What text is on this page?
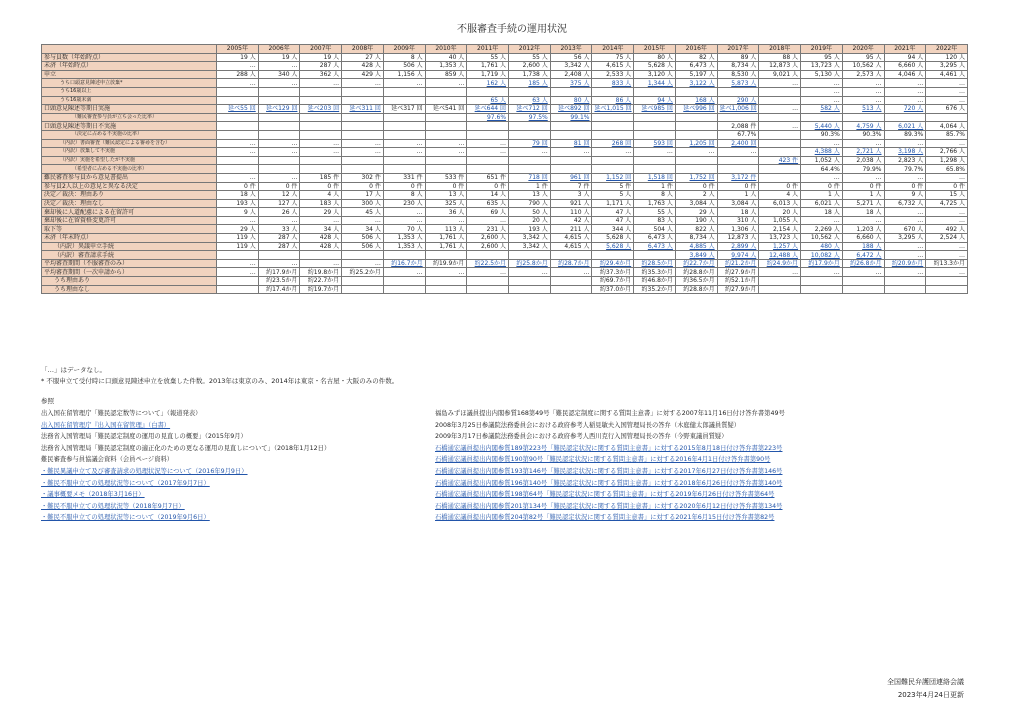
不服審査手続の運用状況
	2005年	2006年	2007年	2008年	2009年	2010年	2011年	2012年	2013年	2014年	2015年	2016年	2017年	2018年	2019年	2020年	2021年	2022年
参与員数（年始時点）	19 人	19 人	19 人	27 人	8 人	40 人	55 人	55 人	56 人	75 人	80 人	82 人	89 人	88 人	95 人	95 人	94 人	120 人
未済（年始時点）	…	…	287 人	428 人	506 人	1,353 人	1,761 人	2,600 人	3,342 人	4,615 人	5,628 人	6,473 人	8,734 人	12,873 人	13,723 人	10,562 人	6,660 人	3,295 人
申立	288 人	340 人	362 人	429 人	1,156 人	859 人	1,719 人	1,738 人	2,408 人	2,533 人	3,120 人	5,197 人	8,530 人	9,021 人	5,130 人	2,573 人	4,046 人	4,461 人
うち口頭意見陳述申立放棄*	…	…	…	…	…	…	162 人	185 人	375 人	833 人	1,344 人	3,122 人	5,873 人	…	…	…	…	…
うち16歳以上															…	…	…	…
うち16歳未満							65 人	63 人	80 人	86 人	94 人	168 人	290 人		…	…	…	…
口頭意見陳述等期日実施	延べ55 回	延べ129 回	延べ203 回	延べ311 回	延べ317 回	延べ541 回	延べ644 回	延べ712 回	延べ892 回	延べ1,015 回	延べ985 回	延べ996 回	延べ1,006 回	…	582 人	513 人	720 人	676 人
（難民審査参与員が立ち会った比率）							97.6%	97.5%	99.1%									
口頭意見陳述等期日不実施													2,088 件	…	5,440 人	4,759 人	6,021 人	4,064 人
（決定に占める不実施の比率）													67.7%		90.3%	90.3%	89.3%	85.7%
（内訳）書面審査（難民認定による審尋を含む）	…	…	…	…	…	…	…	79 回	81 回	268 回	593 回	1,205 回	2,400 回		…	…	…	…
（内訳）放棄して不実施	…	…	…	…	…	…	…	…	…	…	…	…	…		4,388 人	2,721 人	3,198 人	2,766 人
（内訳）実施を希望したが不実施														423 件	1,052 人	2,038 人	2,823 人	1,298 人
（希望者に占める不実施の比率）															64.4%	79.9%	79.7%	65.8%
難民審査参与員から意見書提出	…	…	185 件	302 件	331 件	533 件	651 件	718 回	961 回	1,152 回	1,518 回	1,752 回	3,172 件		…	…	…	…
参与員2人以上の意見と異なる決定	0 件	0 件	0 件	0 件	0 件	0 件	0 件	1 件	7 件	5 件	1 件	0 件	0 件	0 件	0 件	0 件	0 件	0 件
決定／裁決：理由あり	18 人	12 人	4 人	17 人	8 人	13 人	14 人	13 人	3 人	5 人	8 人	2 人	1 人	4 人	1 人	1 人	9 人	15 人
決定／裁決：理由なし	193 人	127 人	183 人	300 人	230 人	325 人	635 人	790 人	921 人	1,171 人	1,763 人	3,084 人	3,084 人	6,013 人	6,021 人	5,271 人	6,732 人	4,725 人
棄却後に人道配慮による在留許可	9 人	26 人	29 人	45 人	…	36 人	69 人	50 人	110 人	47 人	55 人	29 人	18 人	20 人	18 人	18 人	…	…
棄却後に在留資格変更許可	…	…	…	…	…	…	…	20 人	42 人	47 人	83 人	190 人	310 人	1,055 人	…	…	…	…
取下等	29 人	33 人	34 人	34 人	70 人	113 人	231 人	193 人	211 人	344 人	504 人	822 人	1,306 人	2,154 人	2,269 人	1,203 人	670 人	492 人
未済（年末時点）	119 人	287 人	428 人	506 人	1,353 人	1,761 人	2,600 人	3,342 人	4,615 人	5,628 人	6,473 人	8,734 人	12,873 人	13,723 人	10,562 人	6,660 人	3,295 人	2,524 人
（内訳）異議申立手続	119 人	287 人	428 人	506 人	1,353 人	1,761 人	2,600 人	3,342 人	4,615 人	5,628 人	6,473 人	4,885 人	2,899 人	1,257 人	480 人	188 人	…	…
（内訳）審査請求手続												3,849 人	9,974 人	12,488 人	10,082 人	6,472 人	…	…
平均審査期間（不服審査のみ）	…	…	…	…	約16.7か月	約19.9か月	約22.5か月	約25.8か月	約28.7か月	約29.4か月	約28.5か月	約22.7か月	約21.2か月	約24.9か月	約17.9か月	約26.8か月	約20.9か月	約13.3か月
平均審査期間（一次申請から）	…	約17.9か月	約19.8か月	約25.2か月	…	…	…	…	…	約37.3か月	約35.3か月	約28.8か月	約27.9か月	…	…	…	…	…
うち理由あり		約23.5か月	約22.7か月							約69.7か月	約46.8か月	約36.5か月	約52.1か月					
うち理由なし		約17.4か月	約19.7か月							約37.0か月	約35.2か月	約28.8か月	約27.9か月					
「…」はデータなし。
* 不服申立て受付時に口頭意見陳述申立を放棄した件数。2013年は東京のみ、2014年は東京・名古屋・大阪のみの件数。
参照
出入国在留管理庁「難民認定数等について」（報道発表）
出入国在留管理庁『出入国在留管理』（白書）
法務省入国管理局「難民認定制度の運用の見直しの概要」（2015年9月）
法務省入国管理局「難民認定制度の適正化のための更なる運用の見直しについて」（2018年1月12日）
難民審査参与員協議会資料（会員ページ資料）
・難民異議申立て及び審査請求の処理状況等について（2016年9月9日）
・難民不服申立ての処理状況等について（2017年9月7日）
・議事概要メモ（2018年3月16日）
・難民不服申立ての処理状況等（2018年9月7日）
・難民不服申立ての処理状況等について（2019年9月6日）
福島みずほ議員提出内閣参質168第49号「難民認定制度に関する質問主意書」に対する2007年11月16日付け答弁書第49号
2008年3月25日参議院法務委員会における政府参考人稲見敏夫入国管理局長の答弁（木庭健太郎議員質疑）
2009年3月17日参議院法務委員会における政府参考人西川克行入国管理局長の答弁（今野東議員質疑）
石橋通宏議員提出内閣参質189第223号「難民認定状況に関する質問主意書」に対する2015年8月18日付け答弁書第223号
石橋通宏議員提出内閣参質190第90号「難民認定状況に関する質問主意書」に対する2016年4月1日付け答弁書第90号
石橋通宏議員提出内閣参質193第146号「難民認定状況に関する質問主意書」に対する2017年6月27日付け答弁書第146号
石橋通宏議員提出内閣参質196第140号「難民認定状況に関する質問主意書」に対する2018年6月26日付け答弁書第140号
石橋通宏議員提出内閣参質198第64号「難民認定状況に関する質問主意書」に対する2019年6月26日付け答弁書第64号
石橋通宏議員提出内閣参質201第134号「難民認定状況に関する質問主意書」に対する2020年6月12日付け答弁書第134号
石橋通宏議員提出内閣参質204第82号「難民認定状況に関する質問主意書」に対する2021年6月15日付け答弁書第82号
全国難民弁護団連絡会議
2023年4月24日更新
